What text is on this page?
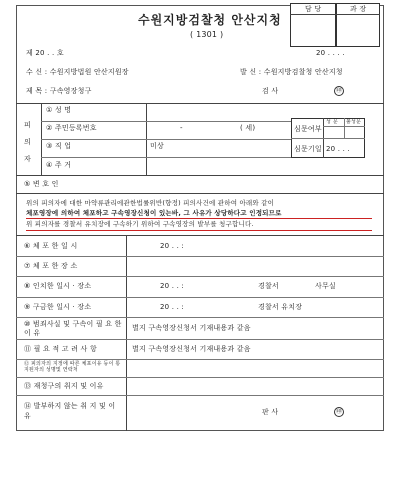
담 당	과 장
수원지방검찰청 안산지청
( 1301 )
제 20 . . 호	20 . . . .
수 신 : 수원지방법원 안산지원장	발 신 : 수원지방검찰청 안산지청
제 목 : 구속영장청구	검 사	㊞
피 의 자
① 성 명
② 주민등록번호	-	( 세)
③ 직 업	미상
④ 주 거
심문여부
성 문 불성문
심문기일 20 . . .
⑤ 변 호 인
위의 피의자에 대한 마약류관리에관한법률위반(향정) 피의사건에 관하여 아래와 같이
체포영장에 의하여 체포하고 구속영장신청이 있는바, 그 사유가 상당하다고 인정되므로
위 피의자를 경찰서 유치장에 구속하기 위하여 구속영장의 발부를 청구합니다.
⑥ 체 포 한 일 시	20 . . :
⑦ 체 포 한 장 소
⑧ 인치한 일시 · 장소	20 . . :	경찰서	사무실
⑨ 구금한 일시 · 장소	20 . . :	경찰서 유치장
⑩ 범죄사실 및 구속이 필 요 한 이 유
별지 구속영장신청서 기재내용과 같음
⑪ 필 요 적 고 려 사 항	별지 구속영장신청서 기재내용과 같음
⑫ 피의자의 지정에 따른 체포이유 등이 통지된자의 성명및 연락처
⑬ 재청구의 취지 및 이유
⑭ 발부하지 않는 취 지 및 이 유	판 사	㊞
